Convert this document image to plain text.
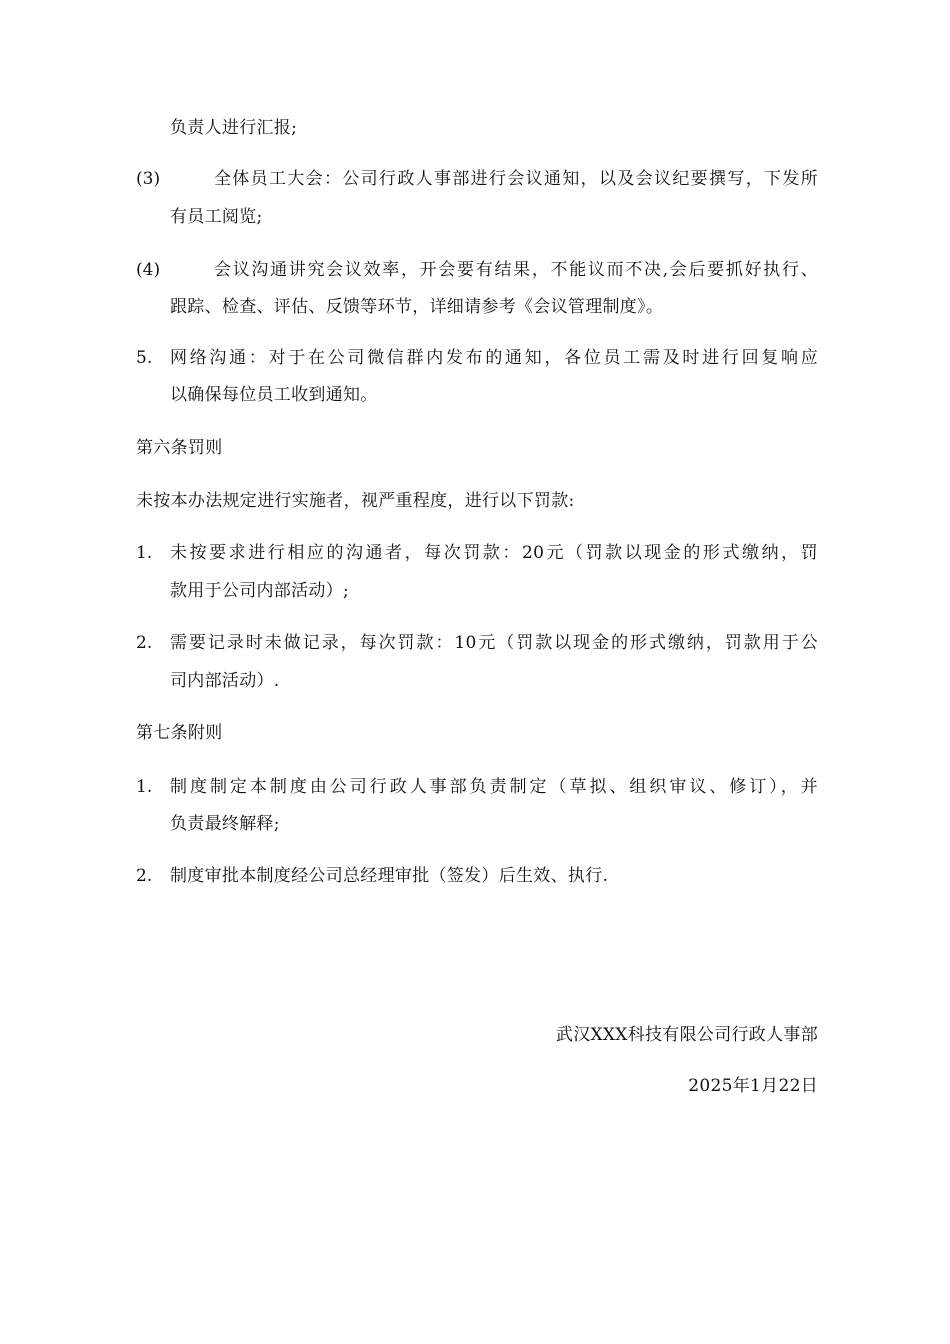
负责人进行汇报;
(3)	全体员工大会：公司行政人事部进行会议通知，以及会议纪要撰写，下发所
有员工阅览;
(4)	会议沟通讲究会议效率，开会要有结果，不能议而不决,会后要抓好执行、
跟踪、检查、评估、反馈等环节，详细请参考《会议管理制度》。
5. 网络沟通：对于在公司微信群内发布的通知，各位员工需及时进行回复响应
以确保每位员工收到通知。
第六条罚则
未按本办法规定进行实施者，视严重程度，进行以下罚款:
1. 未按要求进行相应的沟通者，每次罚款：20元（罚款以现金的形式缴纳，罚
款用于公司内部活动）;
2. 需要记录时未做记录，每次罚款：10元（罚款以现金的形式缴纳，罚款用于公
司内部活动）.
第七条附则
1. 制度制定本制度由公司行政人事部负责制定（草拟、组织审议、修订），并
负责最终解释;
2. 制度审批本制度经公司总经理审批（签发）后生效、执行.
武汉XXX科技有限公司行政人事部
2025年1月22日
